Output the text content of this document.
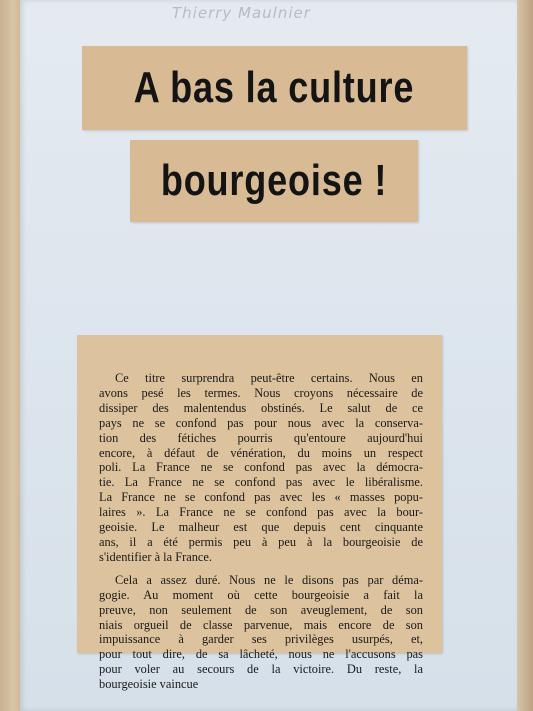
Thierry Maulnier
A bas la culture
bourgeoise !

Ce titre surprendra peut-être certains. Nous en
avons pesé les termes. Nous croyons nécessaire de
dissiper des malentendus obstinés. Le salut de ce
pays ne se confond pas pour nous avec la conserva-
tion des fétiches pourris qu'entoure aujourd'hui
encore, à défaut de vénération, du moins un respect
poli. La France ne se confond pas avec la démocra-
tie. La France ne se confond pas avec le libéralisme.
La France ne se confond pas avec les « masses popu-
laires ». La France ne se confond pas avec la bour-
geoisie. Le malheur est que depuis cent cinquante
ans, il a été permis peu à peu à la bourgeoisie de
s'identifier à la France.

Cela a assez duré. Nous ne le disons pas par déma-
gogie. Au moment où cette bourgeoisie a fait la
preuve, non seulement de son aveuglement, de son
niais orgueil de classe parvenue, mais encore de son
impuissance à garder ses privilèges usurpés, et,
pour tout dire, de sa lâcheté, nous ne l'accusons pas
pour voler au secours de la victoire. Du reste, la
bourgeoisie vaincue
